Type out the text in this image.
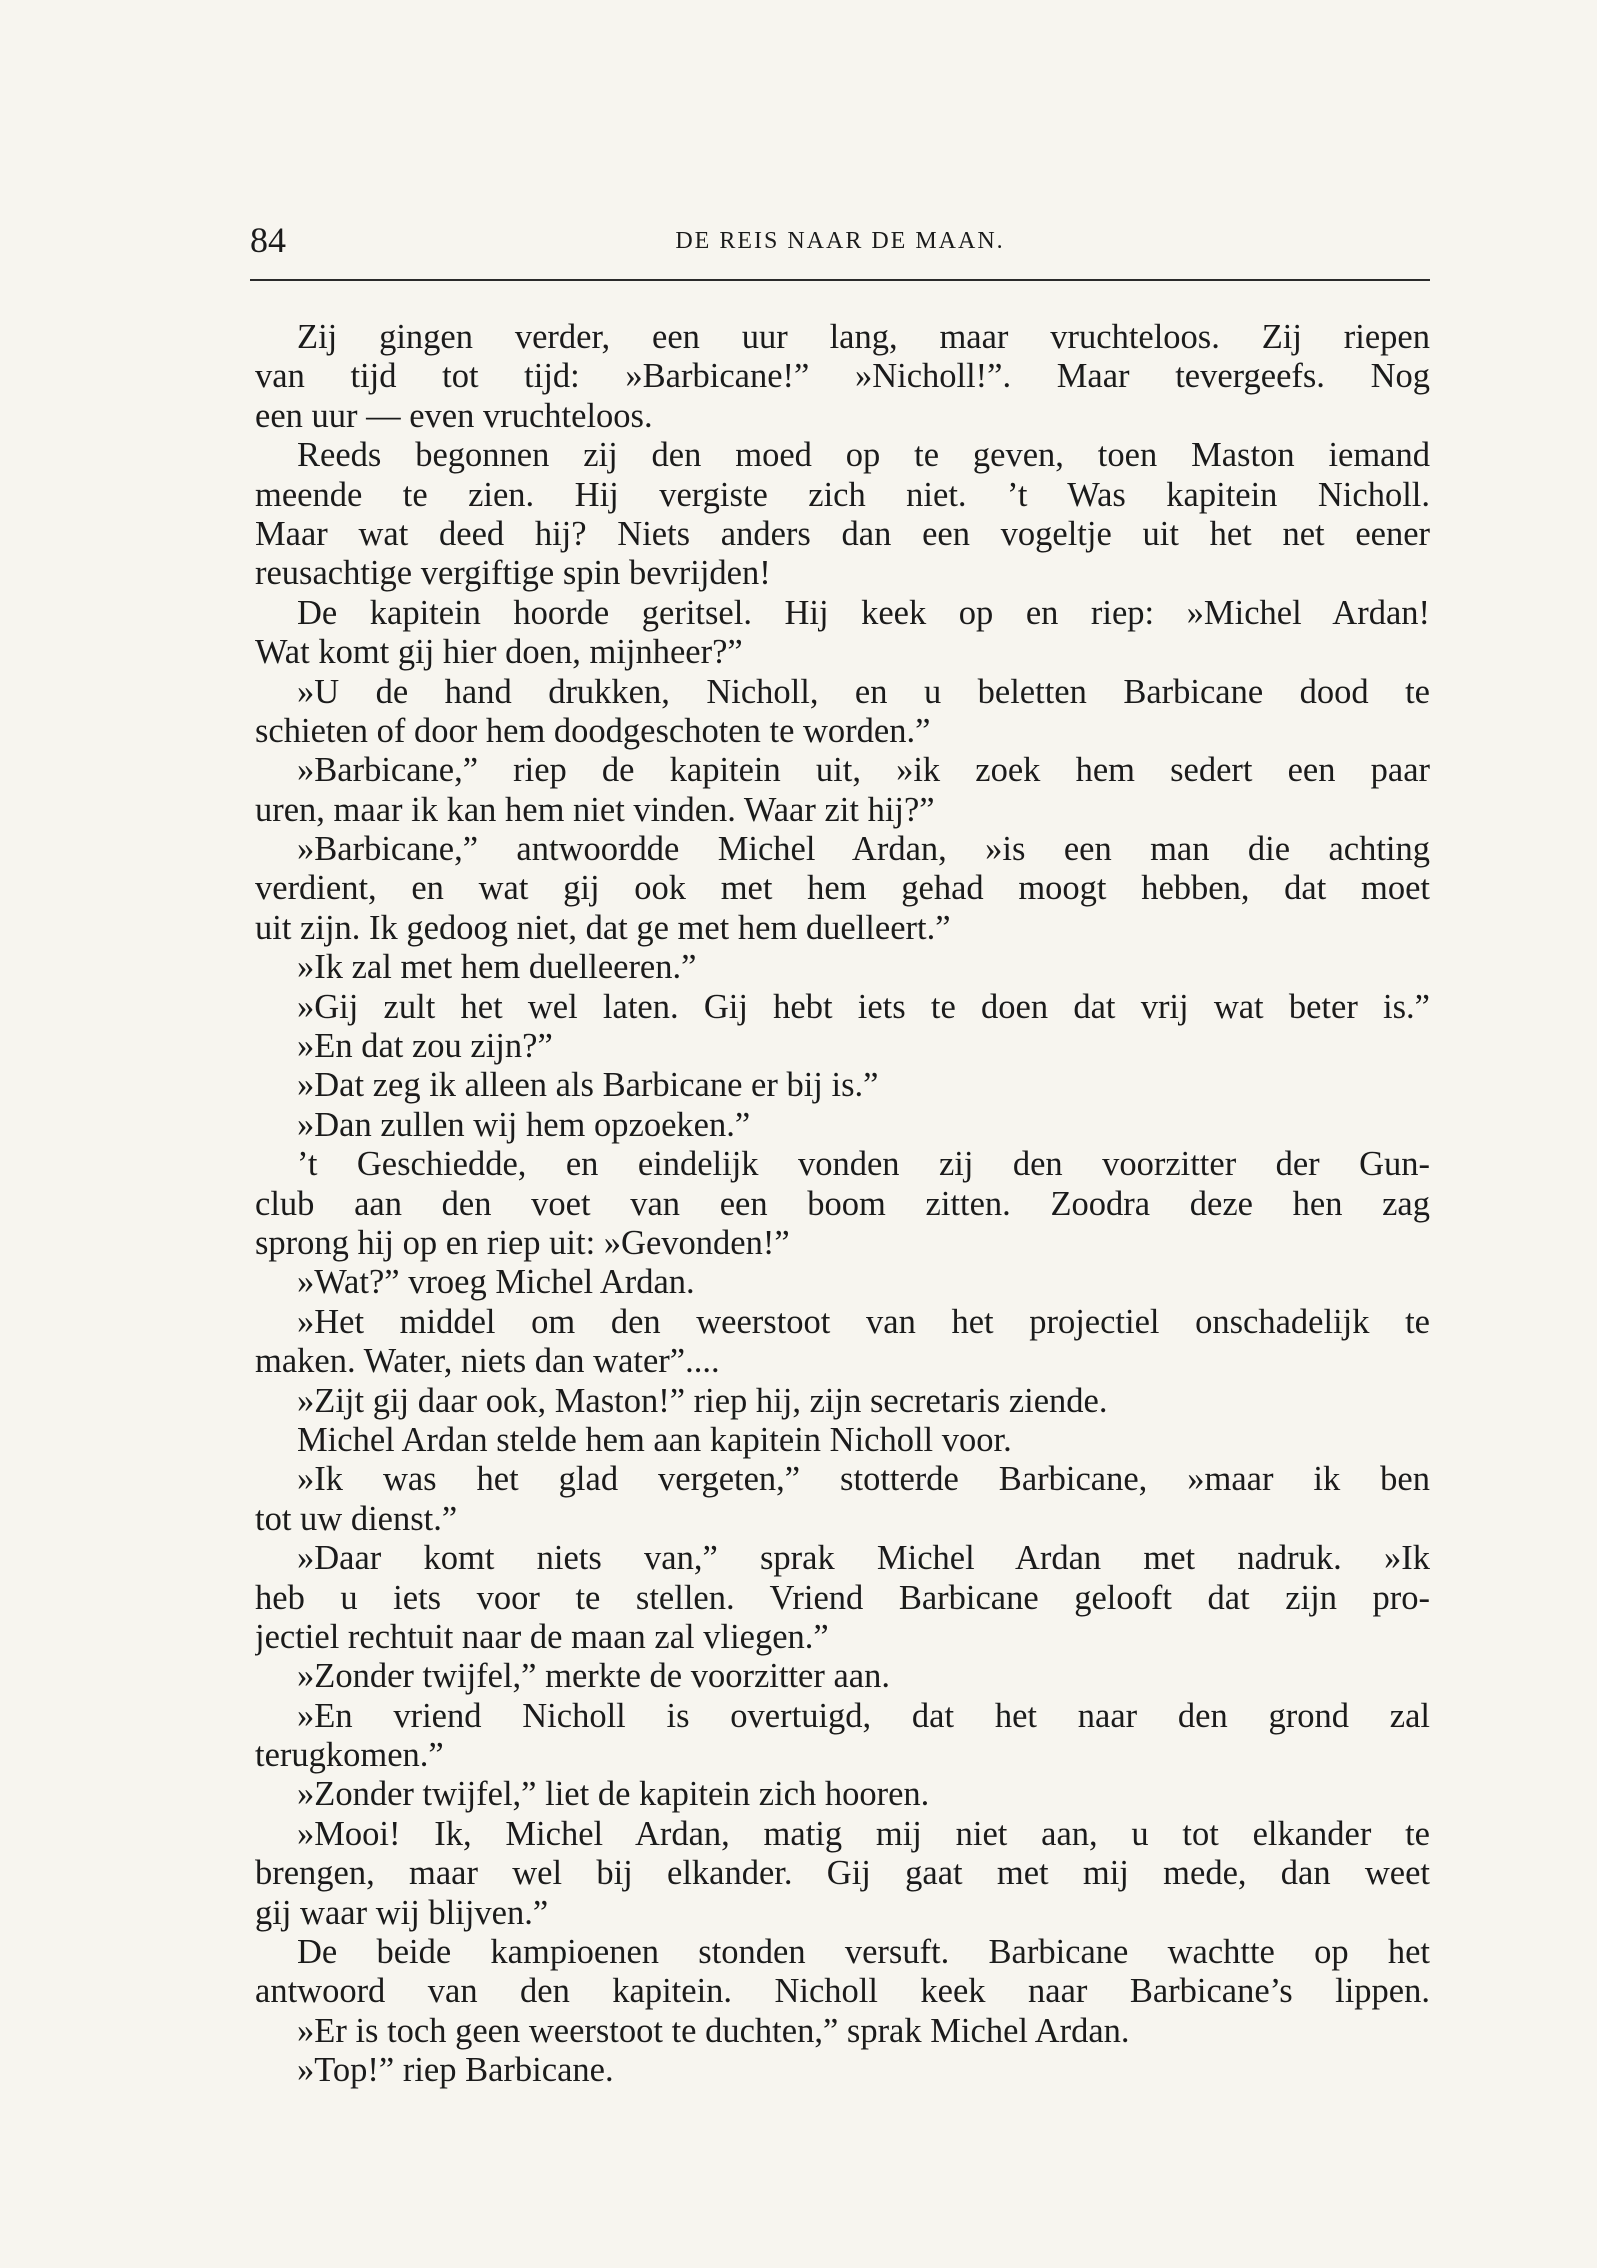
84	DE REIS NAAR DE MAAN.
Zij gingen verder, een uur lang, maar vruchteloos. Zij riepen
van tijd tot tijd: »Barbicane!” »Nicholl!”. Maar tevergeefs. Nog
een uur — even vruchteloos.
Reeds begonnen zij den moed op te geven, toen Maston iemand
meende te zien. Hij vergiste zich niet. ’t Was kapitein Nicholl.
Maar wat deed hij? Niets anders dan een vogeltje uit het net eener
reusachtige vergiftige spin bevrijden!
De kapitein hoorde geritsel. Hij keek op en riep: »Michel Ardan!
Wat komt gij hier doen, mijnheer?”
»U de hand drukken, Nicholl, en u beletten Barbicane dood te
schieten of door hem doodgeschoten te worden.”
»Barbicane,” riep de kapitein uit, »ik zoek hem sedert een paar
uren, maar ik kan hem niet vinden. Waar zit hij?”
»Barbicane,” antwoordde Michel Ardan, »is een man die achting
verdient, en wat gij ook met hem gehad moogt hebben, dat moet
uit zijn. Ik gedoog niet, dat ge met hem duelleert.”
»Ik zal met hem duelleeren.”
»Gij zult het wel laten. Gij hebt iets te doen dat vrij wat beter is.”
»En dat zou zijn?”
»Dat zeg ik alleen als Barbicane er bij is.”
»Dan zullen wij hem opzoeken.”
’t Geschiedde, en eindelijk vonden zij den voorzitter der Gun-
club aan den voet van een boom zitten. Zoodra deze hen zag
sprong hij op en riep uit: »Gevonden!”
»Wat?” vroeg Michel Ardan.
»Het middel om den weerstoot van het projectiel onschadelijk te
maken. Water, niets dan water”....
»Zijt gij daar ook, Maston!” riep hij, zijn secretaris ziende.
Michel Ardan stelde hem aan kapitein Nicholl voor.
»Ik was het glad vergeten,” stotterde Barbicane, »maar ik ben
tot uw dienst.”
»Daar komt niets van,” sprak Michel Ardan met nadruk. »Ik
heb u iets voor te stellen. Vriend Barbicane gelooft dat zijn pro-
jectiel rechtuit naar de maan zal vliegen.”
»Zonder twijfel,” merkte de voorzitter aan.
»En vriend Nicholl is overtuigd, dat het naar den grond zal
terugkomen.”
»Zonder twijfel,” liet de kapitein zich hooren.
»Mooi! Ik, Michel Ardan, matig mij niet aan, u tot elkander te
brengen, maar wel bij elkander. Gij gaat met mij mede, dan weet
gij waar wij blijven.”
De beide kampioenen stonden versuft. Barbicane wachtte op het
antwoord van den kapitein. Nicholl keek naar Barbicane’s lippen.
»Er is toch geen weerstoot te duchten,” sprak Michel Ardan.
»Top!” riep Barbicane.
